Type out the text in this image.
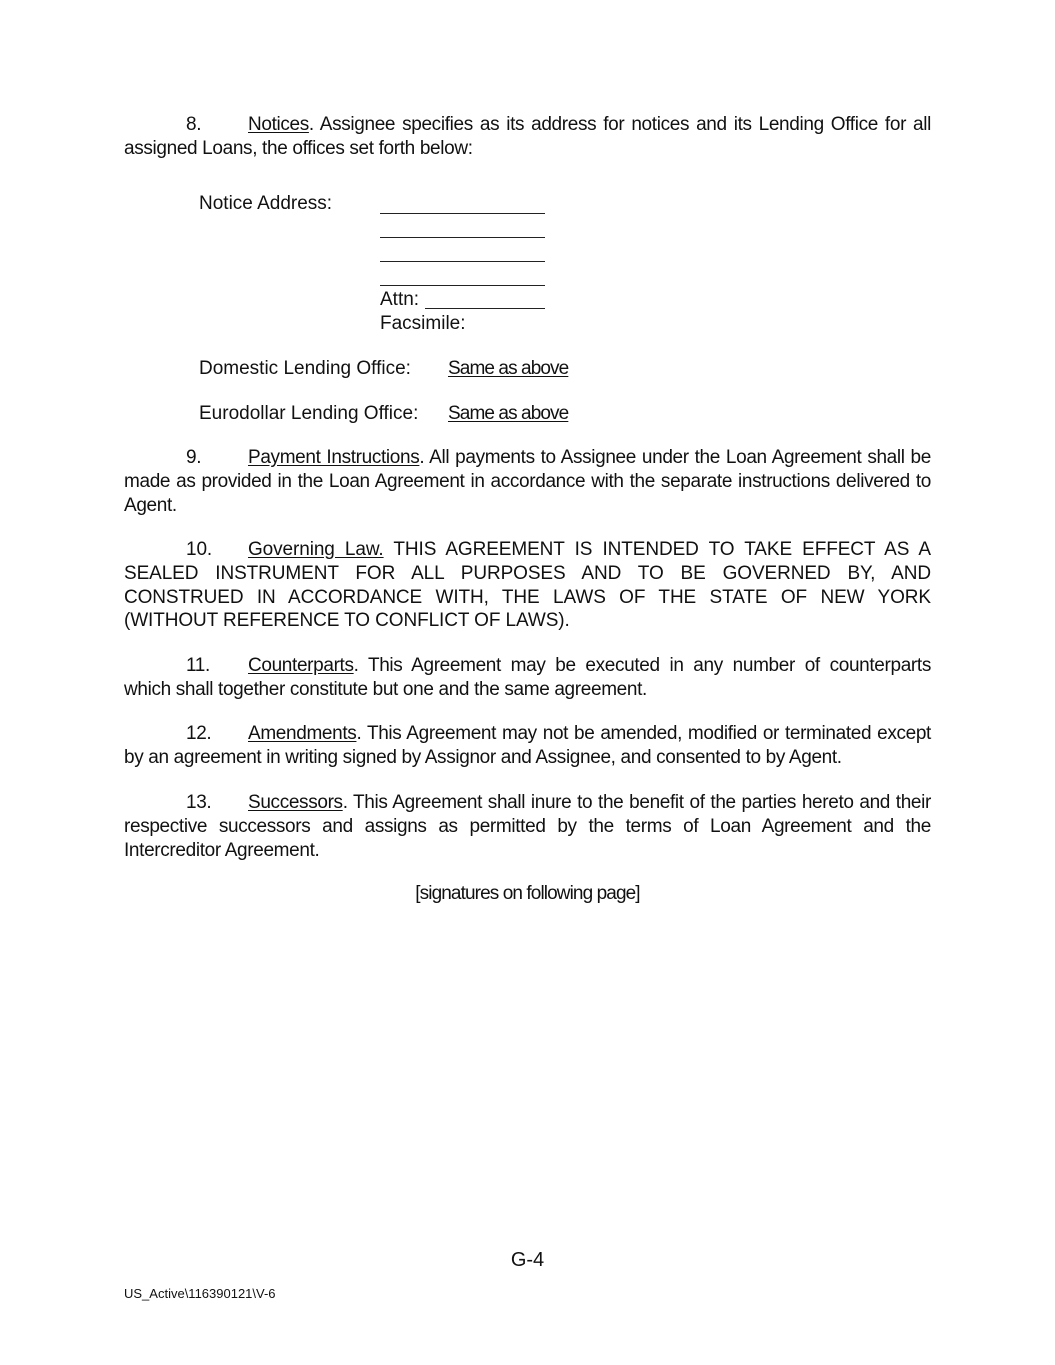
8. Notices. Assignee specifies as its address for notices and its Lending Office for all assigned Loans, the offices set forth below:

Notice Address:
Attn:
Facsimile:
Domestic Lending Office: Same as above
Eurodollar Lending Office: Same as above

9. Payment Instructions. All payments to Assignee under the Loan Agreement shall be made as provided in the Loan Agreement in accordance with the separate instructions delivered to Agent.

10. Governing Law. THIS AGREEMENT IS INTENDED TO TAKE EFFECT AS A SEALED INSTRUMENT FOR ALL PURPOSES AND TO BE GOVERNED BY, AND CONSTRUED IN ACCORDANCE WITH, THE LAWS OF THE STATE OF NEW YORK (WITHOUT REFERENCE TO CONFLICT OF LAWS).

11. Counterparts. This Agreement may be executed in any number of counterparts which shall together constitute but one and the same agreement.

12. Amendments. This Agreement may not be amended, modified or terminated except by an agreement in writing signed by Assignor and Assignee, and consented to by Agent.

13. Successors. This Agreement shall inure to the benefit of the parties hereto and their respective successors and assigns as permitted by the terms of Loan Agreement and the Intercreditor Agreement.

[signatures on following page]
G-4
US_Active\116390121\V-6
